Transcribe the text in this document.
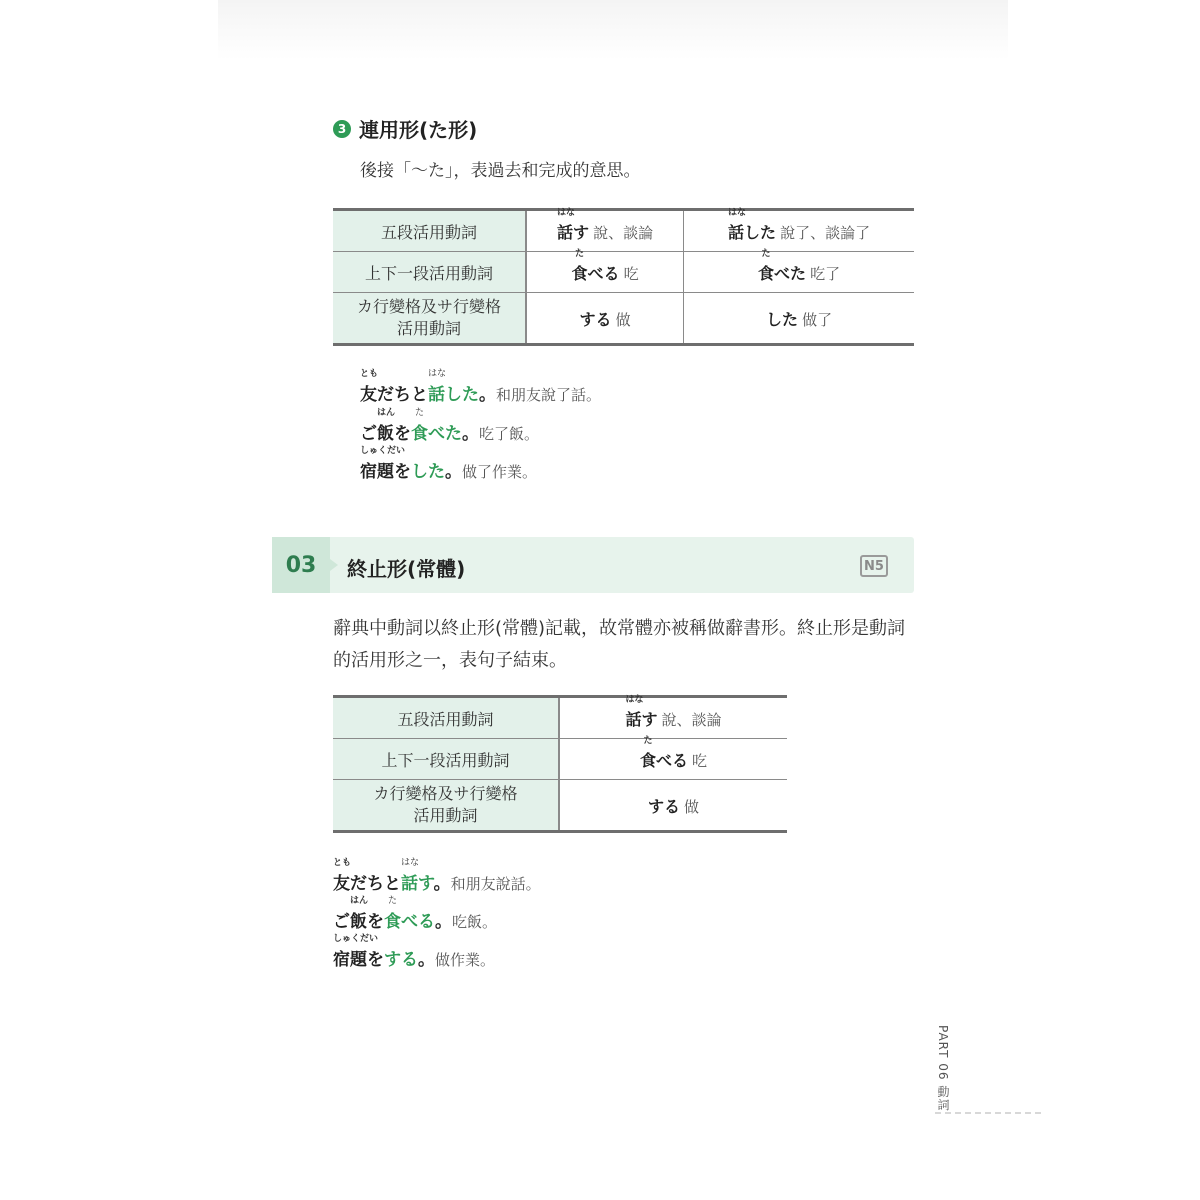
3 連用形(た形)
後接「～た」，表過去和完成的意思。
五段活用動詞	話
はな
す 說、談論	話
はな
した 說了、談論了

上下一段活用動詞	食
た
べる 吃	食
た
べた 吃了

カ行變格及サ行變格
活用動詞	する 做	した 做了
友
とも
だちと話
はな
した。和朋友說了話。
ご飯
はん
を食
た
べた。吃了飯。
宿題
しゅくだい
をした。做了作業。
03	終止形(常體)	N5
辭典中動詞以終止形(常體)記載，故常體亦被稱做辭書形。終止形是動詞的活用形之一，表句子結束。
五段活用動詞	話
はな
す 說、談論

上下一段活用動詞	食
た
べる 吃

カ行變格及サ行變格
活用動詞	する 做
友
とも
だちと話
はな
す。和朋友說話。
ご飯
はん
を食
た
べる。吃飯。
宿題
しゅくだい
をする。做作業。
PART 06 動詞
